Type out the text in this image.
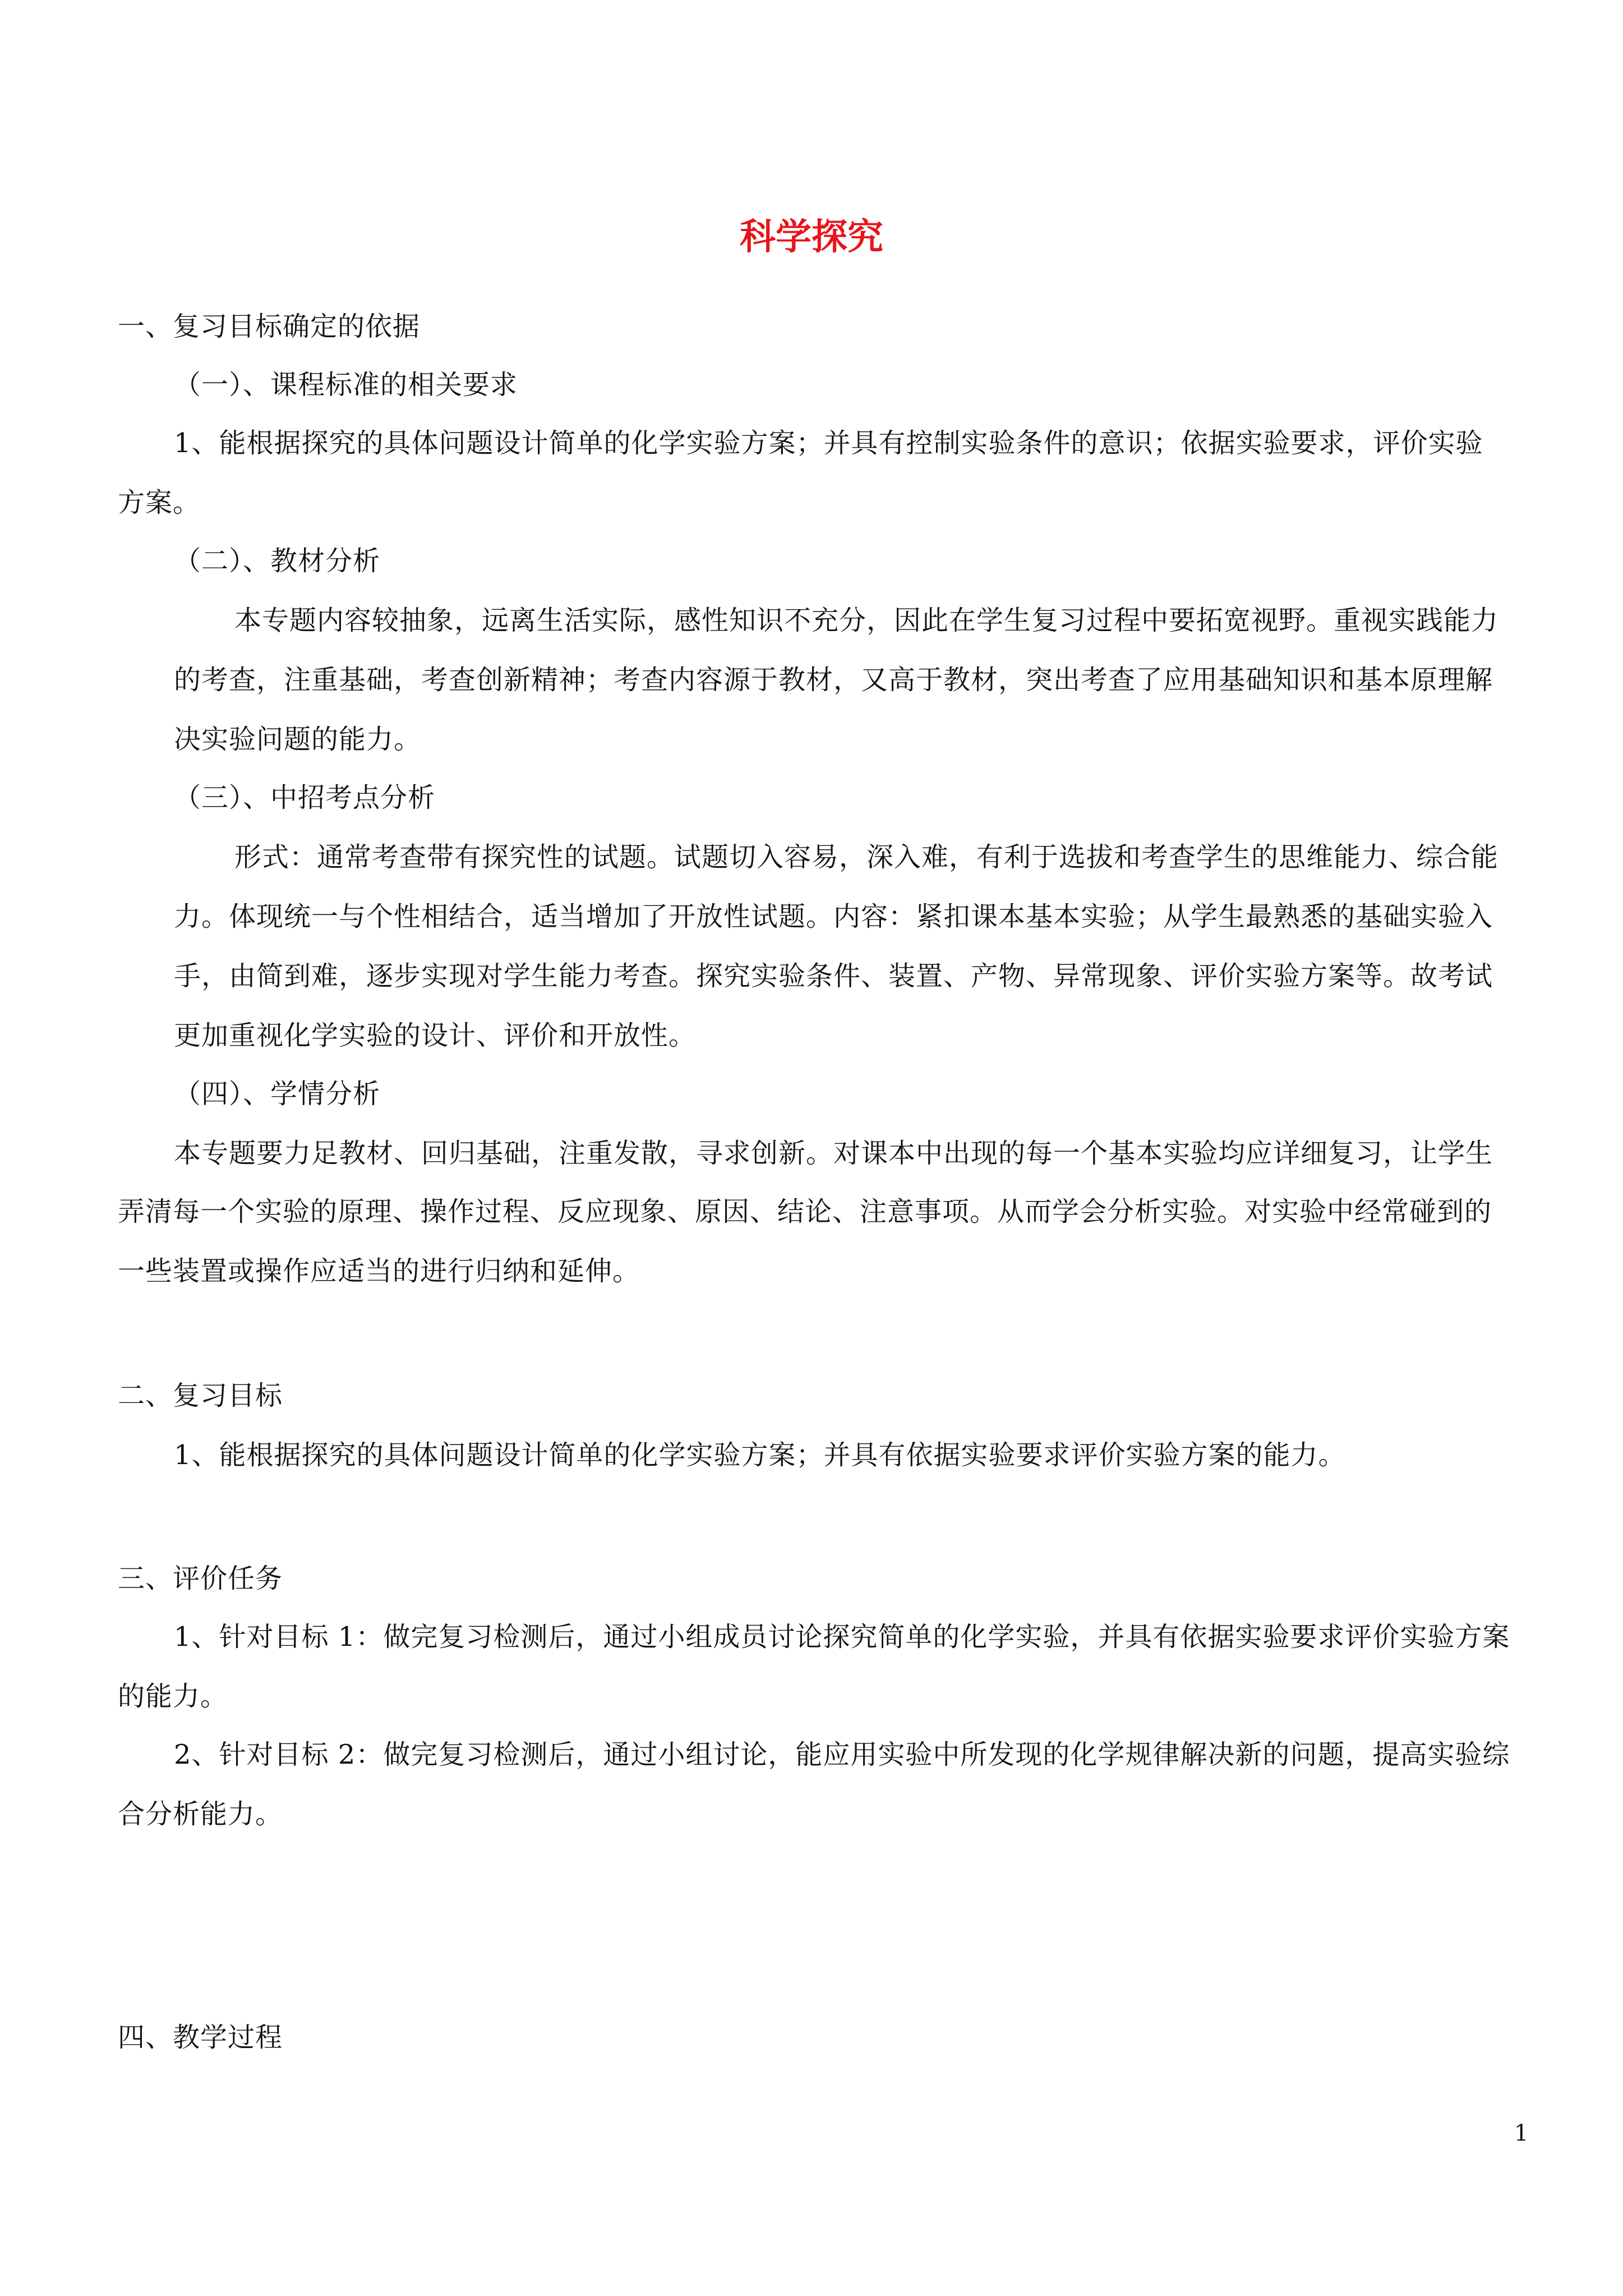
科学探究
一、复习目标确定的依据
（一）、课程标准的相关要求
1、能根据探究的具体问题设计简单的化学实验方案；并具有控制实验条件的意识；依据实验要求，评价实验
方案。
（二）、教材分析
本专题内容较抽象，远离生活实际，感性知识不充分，因此在学生复习过程中要拓宽视野。重视实践能力
的考查，注重基础，考查创新精神；考查内容源于教材，又高于教材，突出考查了应用基础知识和基本原理解
决实验问题的能力。
（三）、中招考点分析
形式：通常考查带有探究性的试题。试题切入容易，深入难，有利于选拔和考查学生的思维能力、综合能
力。体现统一与个性相结合，适当增加了开放性试题。内容：紧扣课本基本实验；从学生最熟悉的基础实验入
手，由简到难，逐步实现对学生能力考查。探究实验条件、装置、产物、异常现象、评价实验方案等。故考试
更加重视化学实验的设计、评价和开放性。
（四）、学情分析
本专题要力足教材、回归基础，注重发散，寻求创新。对课本中出现的每一个基本实验均应详细复习，让学生
弄清每一个实验的原理、操作过程、反应现象、原因、结论、注意事项。从而学会分析实验。对实验中经常碰到的
一些装置或操作应适当的进行归纳和延伸。
二、复习目标
1、能根据探究的具体问题设计简单的化学实验方案；并具有依据实验要求评价实验方案的能力。
三、评价任务
1、针对目标 1：做完复习检测后，通过小组成员讨论探究简单的化学实验，并具有依据实验要求评价实验方案
的能力。
2、针对目标 2：做完复习检测后，通过小组讨论，能应用实验中所发现的化学规律解决新的问题，提高实验综
合分析能力。
四、教学过程
1
